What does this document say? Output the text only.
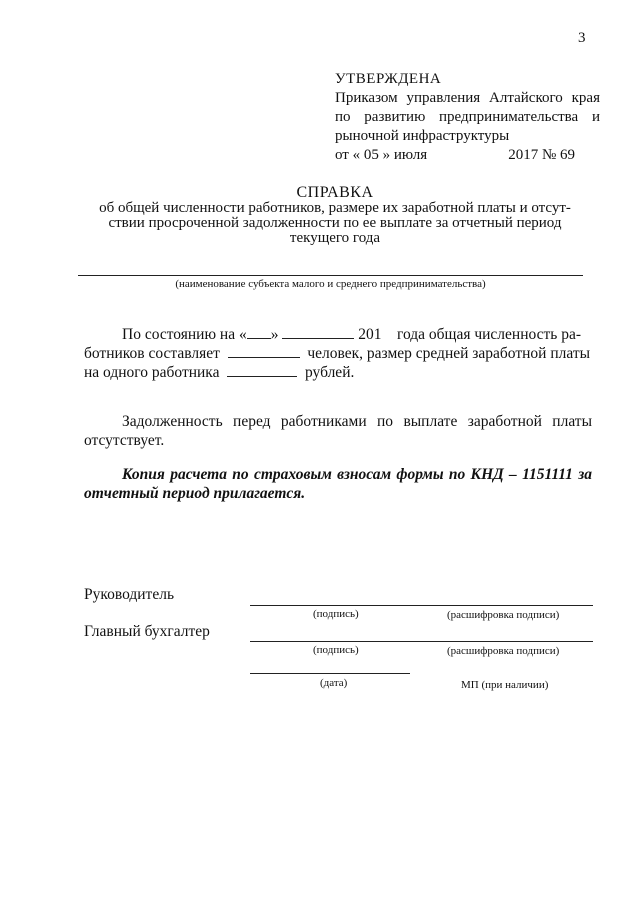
3
УТВЕРЖДЕНА
Приказом управления Алтайского края
по развитию предпринимательства и
рыночной инфраструктуры
от « 05 » июля	2017 № 69
СПРАВКА
об общей численности работников, размере их заработной платы и отсут-
ствии просроченной задолженности по ее выплате за отчетный период
текущего года
(наименование субъекта малого и среднего предпринимательства)
По состоянию на « »	201 года общая численность ра-
ботников составляет	человек, размер средней заработной платы
на одного работника	рублей.
Задолженность перед работниками по выплате заработной платы отсутствует.
Копия расчета по страховым взносам формы по КНД – 1151111 за отчетный период прилагается.
Руководитель
(подпись)	(расшифровка подписи)
Главный бухгалтер
(подпись)	(расшифровка подписи)
(дата)	МП (при наличии)
